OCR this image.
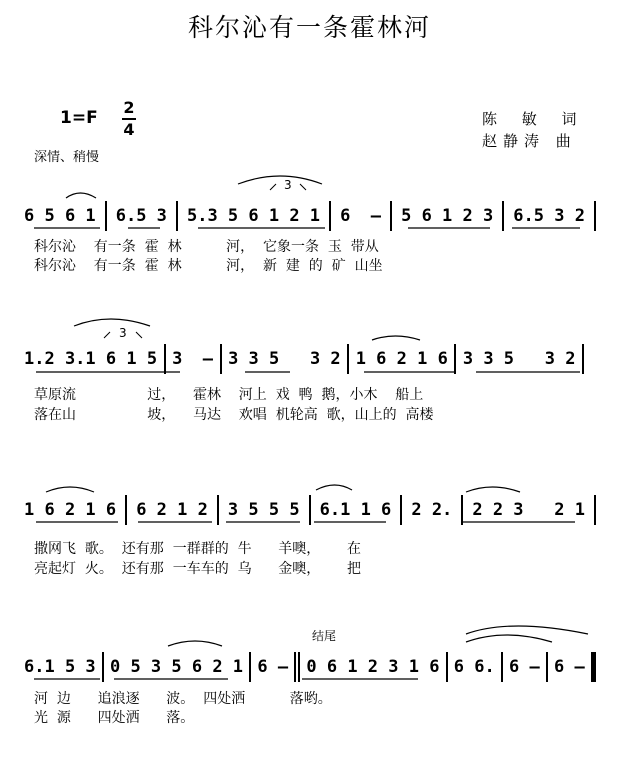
科尔沁有一条霍林河
1=F
2
4
深情、稍慢
陈 敏 词
赵静涛 曲
结尾
6 5 6 1 6.5 3 5.3 5 6 1 2 1 6  — 5 6 1 2 3 6.5 3 2
科尔沁    有一条  霍  林          河，  它象一条  玉  带从
科尔沁    有一条  霍  林          河，  新  建  的  矿  山坐
1.2 3.1 6 1 5 3  — 3 3 5   3 2 1 6 2 1 6 3 3 5   3 2
草原流                过，    霍林    河上  戏  鸭  鹅，小木    船上
落在山                坡，    马达    欢唱  机轮高  歌，山上的  高楼
1 6 2 1 6 6 2 1 2 3 5 5 5 6.1 1 6 2 2. 2 2 3   2 1
撒网飞  歌。  还有那  一群群的  牛      羊噢，      在
亮起灯  火。  还有那  一车车的  乌      金噢，      把
6.1 5 3 0 5 3 5 6 2 1 6 — 0 6 1 2 3 1 6 6 6. 6 — 6 —
河  边      追浪逐      波。  四处洒          落哟。
光  源      四处洒      落。
3
3
